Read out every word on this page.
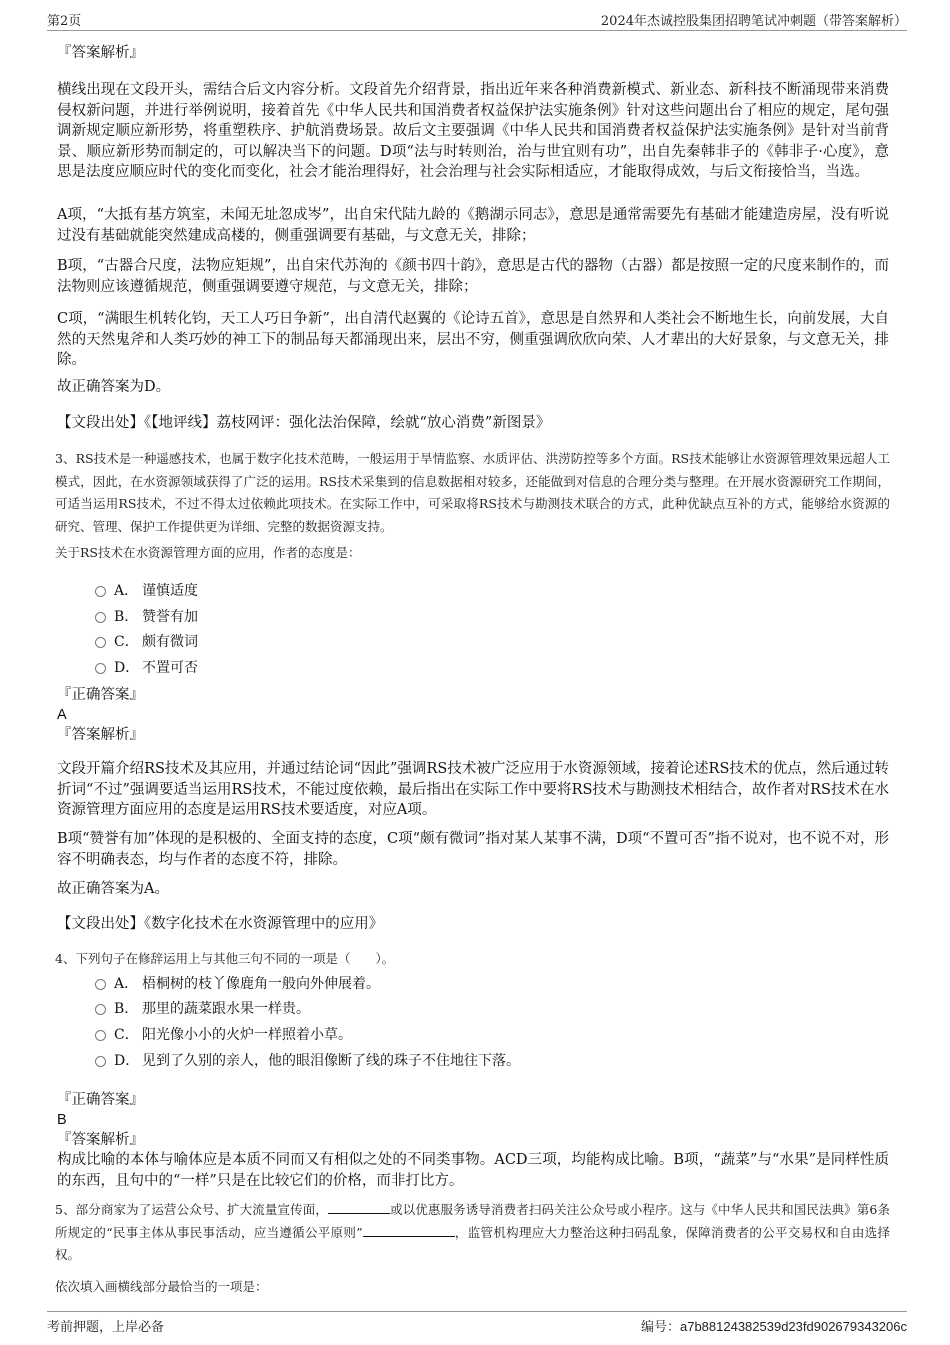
第2页	2024年杰诚控股集团招聘笔试冲刺题（带答案解析）
『答案解析』
横线出现在文段开头，需结合后文内容分析。文段首先介绍背景，指出近年来各种消费新模式、新业态、新科技不断涌现带来消费侵权新问题，并进行举例说明，接着首先《中华人民共和国消费者权益保护法实施条例》针对这些问题出台了相应的规定，尾句强调新规定顺应新形势，将重塑秩序、护航消费场景。故后文主要强调《中华人民共和国消费者权益保护法实施条例》是针对当前背景、顺应新形势而制定的，可以解决当下的问题。D项“法与时转则治，治与世宜则有功”，出自先秦韩非子的《韩非子·心度》，意思是法度应顺应时代的变化而变化，社会才能治理得好，社会治理与社会实际相适应，才能取得成效，与后文衔接恰当，当选。
A项，“大抵有基方筑室，未闻无址忽成岑”，出自宋代陆九龄的《鹅湖示同志》，意思是通常需要先有基础才能建造房屋，没有听说过没有基础就能突然建成高楼的，侧重强调要有基础，与文意无关，排除；
B项，“古器合尺度，法物应矩规”，出自宋代苏洵的《颜书四十韵》，意思是古代的器物（古器）都是按照一定的尺度来制作的，而法物则应该遵循规范，侧重强调要遵守规范，与文意无关，排除；
C项，“满眼生机转化钧，天工人巧日争新”，出自清代赵翼的《论诗五首》，意思是自然界和人类社会不断地生长，向前发展，大自然的天然鬼斧和人类巧妙的神工下的制品每天都涌现出来，层出不穷，侧重强调欣欣向荣、人才辈出的大好景象，与文意无关，排除。
故正确答案为D。
【文段出处】《【地评线】荔枝网评：强化法治保障，绘就“放心消费”新图景》
3、RS技术是一种遥感技术，也属于数字化技术范畴，一般运用于旱情监察、水质评估、洪涝防控等多个方面。RS技术能够让水资源管理效果远超人工模式，因此，在水资源领域获得了广泛的运用。RS技术采集到的信息数据相对较多，还能做到对信息的合理分类与整理。在开展水资源研究工作期间，可适当运用RS技术，不过不得太过依赖此项技术。在实际工作中，可采取将RS技术与勘测技术联合的方式，此种优缺点互补的方式，能够给水资源的研究、管理、保护工作提供更为详细、完整的数据资源支持。
关于RS技术在水资源管理方面的应用，作者的态度是：
A． 谨慎适度
B． 赞誉有加
C． 颇有微词
D． 不置可否
『正确答案』
A
『答案解析』
文段开篇介绍RS技术及其应用，并通过结论词“因此”强调RS技术被广泛应用于水资源领域，接着论述RS技术的优点，然后通过转折词“不过”强调要适当运用RS技术，不能过度依赖，最后指出在实际工作中要将RS技术与勘测技术相结合，故作者对RS技术在水资源管理方面应用的态度是运用RS技术要适度，对应A项。
B项“赞誉有加”体现的是积极的、全面支持的态度，C项“颇有微词”指对某人某事不满，D项“不置可否”指不说对，也不说不对，形容不明确表态，均与作者的态度不符，排除。
故正确答案为A。
【文段出处】《数字化技术在水资源管理中的应用》
4、下列句子在修辞运用上与其他三句不同的一项是（　　）。
A． 梧桐树的枝丫像鹿角一般向外伸展着。
B． 那里的蔬菜跟水果一样贵。
C． 阳光像小小的火炉一样照着小草。
D． 见到了久别的亲人，他的眼泪像断了线的珠子不住地往下落。
『正确答案』
B
『答案解析』
构成比喻的本体与喻体应是本质不同而又有相似之处的不同类事物。ACD三项，均能构成比喻。B项，“蔬菜”与“水果”是同样性质的东西，且句中的“一样”只是在比较它们的价格，而非打比方。
5、部分商家为了运营公众号、扩大流量宣传面，	或以优惠服务诱导消费者扫码关注公众号或小程序。这与《中华人民共和国民法典》第6条所规定的“民事主体从事民事活动，应当遵循公平原则”	，监管机构理应大力整治这种扫码乱象，保障消费者的公平交易权和自由选择权。
依次填入画横线部分最恰当的一项是：
考前押题，上岸必备	编号：a7b88124382539d23fd902679343206c
